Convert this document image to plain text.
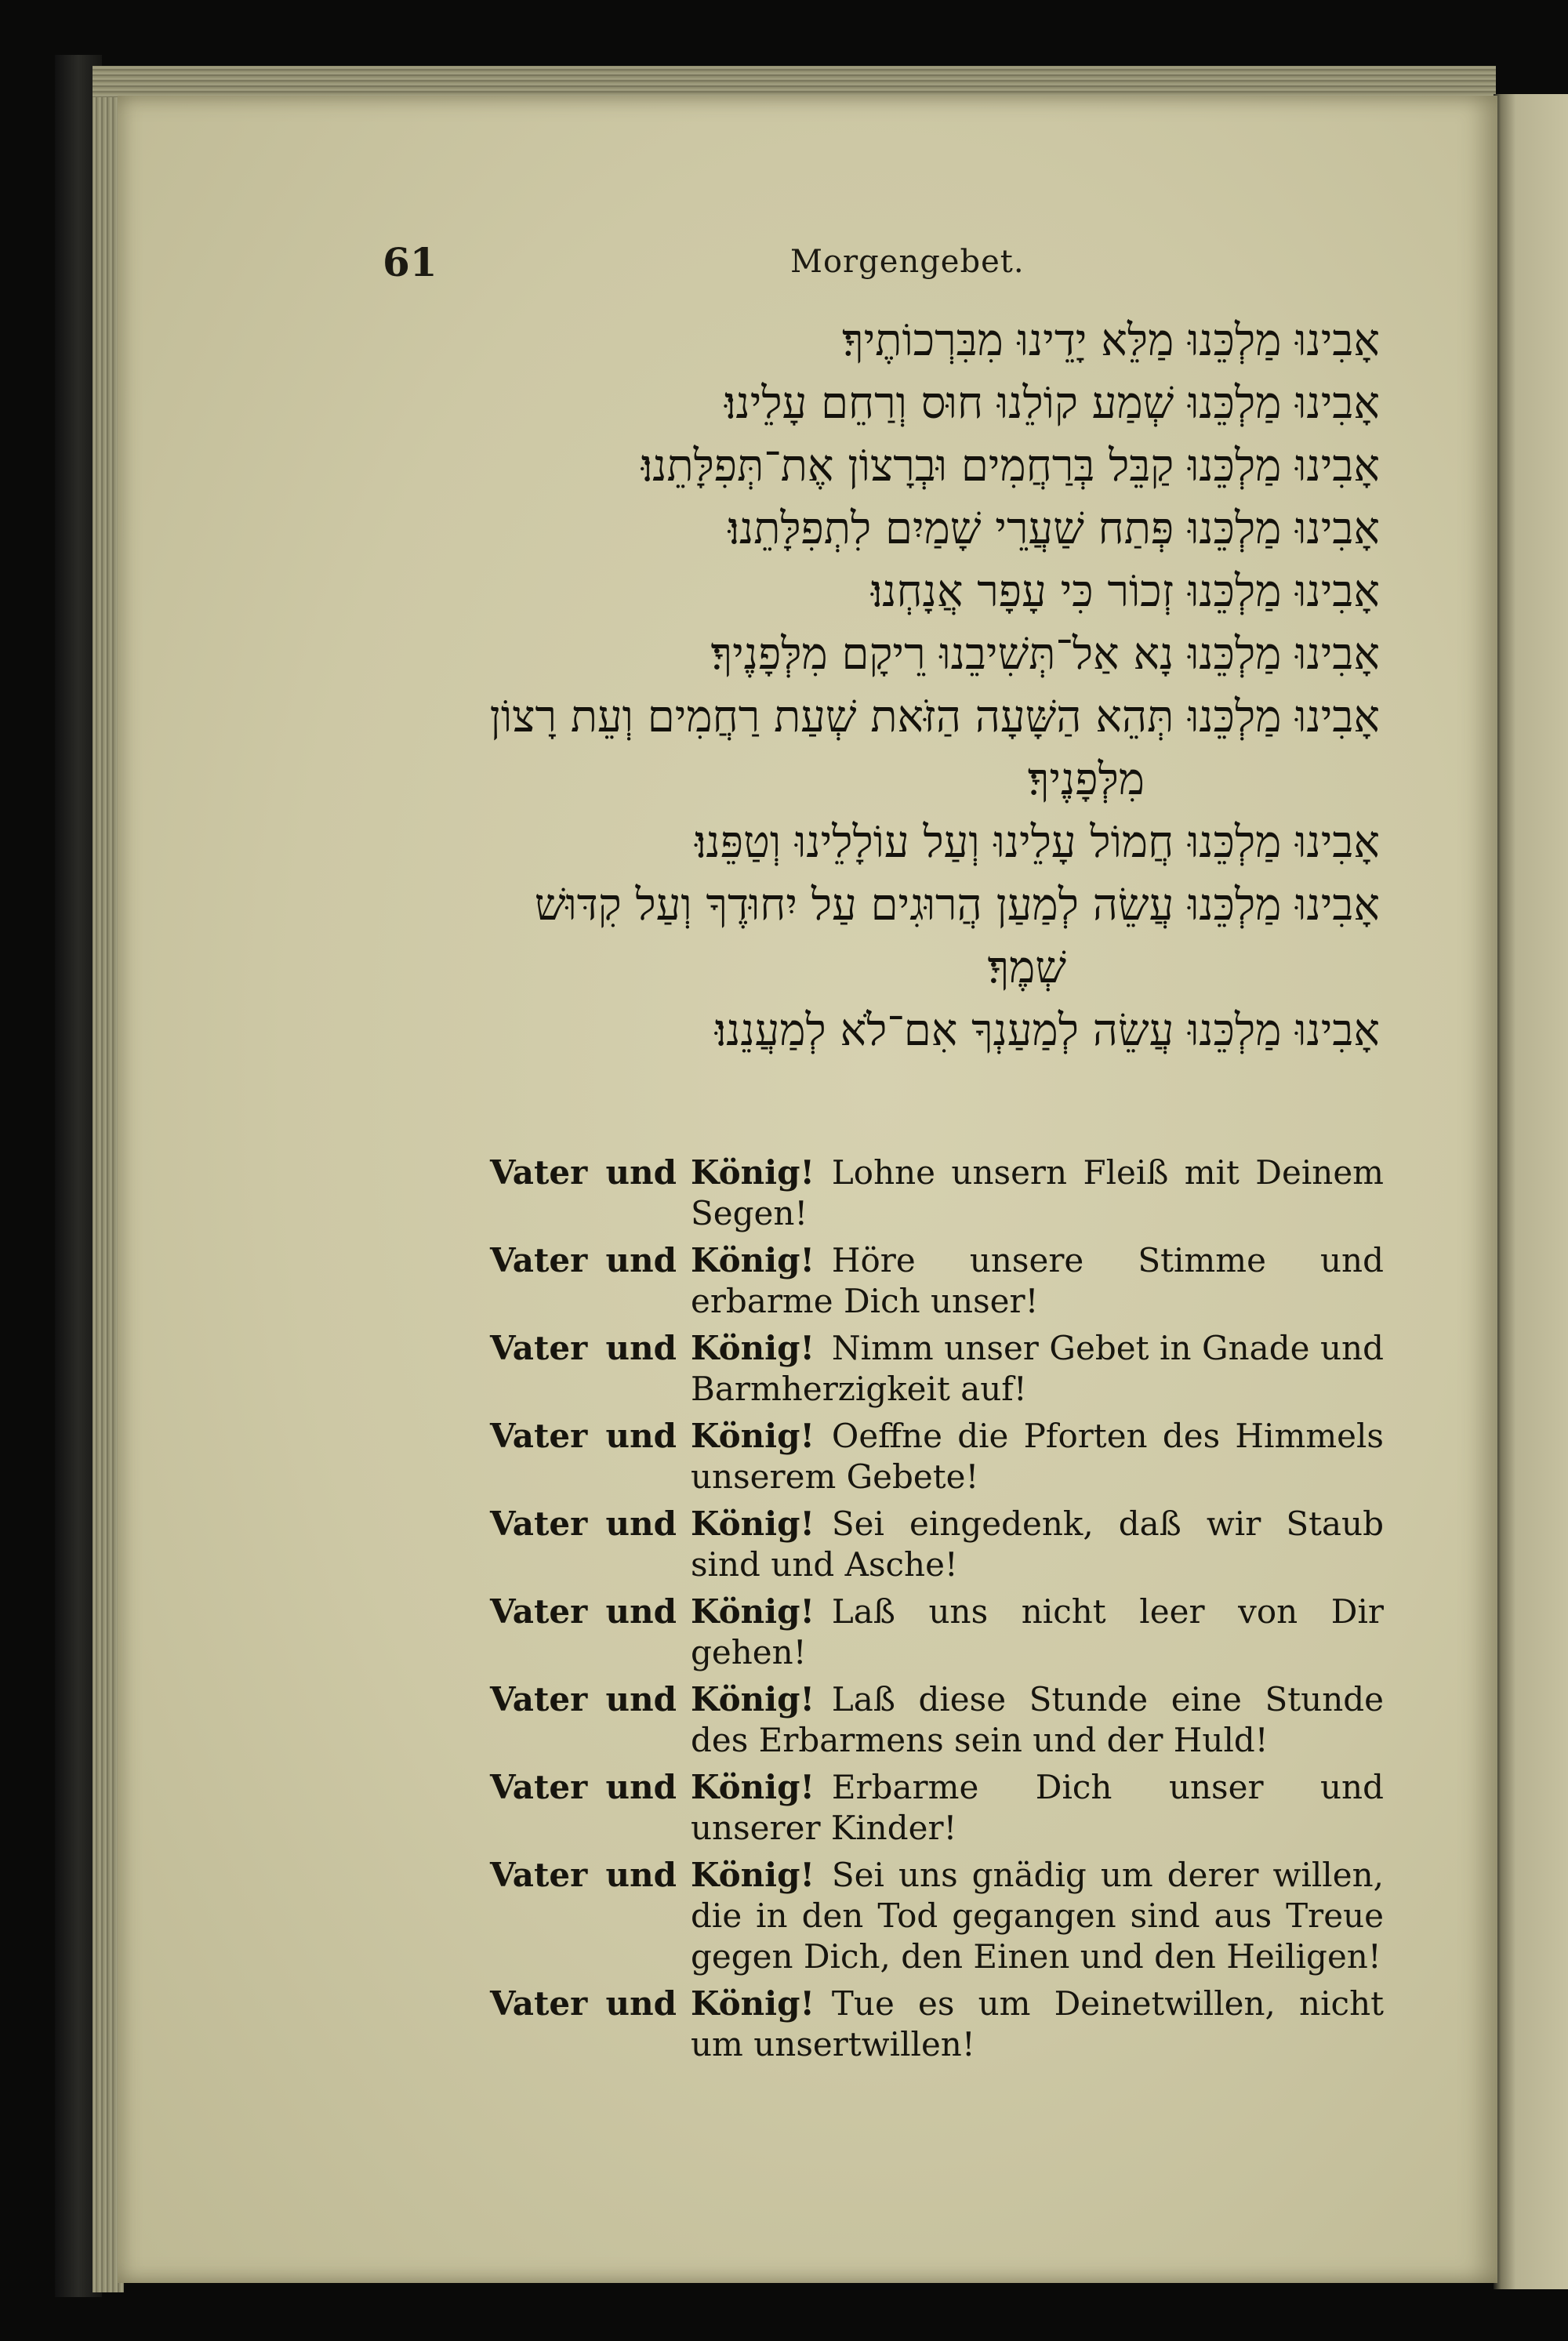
61	Morgengebet.
אָבִינוּ מַלְכֵּנוּ מַלֵּא יָדֵינוּ מִבִּרְכוֹתֶיךָ׃
אָבִינוּ מַלְכֵּנוּ שְׁמַע קוֹלֵנוּ חוּס וְרַחֵם עָלֵינוּ׃
אָבִינוּ מַלְכֵּנוּ קַבֵּל בְּרַחֲמִים וּבְרָצוֹן אֶת־תְּפִלָּתֵנוּ׃
אָבִינוּ מַלְכֵּנוּ פְּתַח שַׁעֲרֵי שָׁמַיִם לִתְפִלָּתֵנוּ׃
אָבִינוּ מַלְכֵּנוּ זְכוֹר כִּי עָפָר אֲנָחְנוּ׃
אָבִינוּ מַלְכֵּנוּ נָא אַל־תְּשִׁיבֵנוּ רֵיקָם מִלְּפָנֶיךָ׃
אָבִינוּ מַלְכֵּנוּ תְּהֵא הַשָּׁעָה הַזֹּאת שְׁעַת רַחֲמִים וְעֵת רָצוֹן
מִלְּפָנֶיךָ׃
אָבִינוּ מַלְכֵּנוּ חֲמוֹל עָלֵינוּ וְעַל עוֹלָלֵינוּ וְטַפֵּנוּ׃
אָבִינוּ מַלְכֵּנוּ עֲשֵׂה לְמַעַן הֲרוּגִים עַל יִחוּדֶךָ וְעַל קִדּוּשׁ
שְׁמֶךָ׃
אָבִינוּ מַלְכֵּנוּ עֲשֵׂה לְמַעַנְךָ אִם־לֹא לְמַעֲנֵנוּ׃
Vater und König! Lohne unsern Fleiß mit Deinem Segen!
Vater und König! Höre unsere Stimme und erbarme Dich unser!
Vater und König! Nimm unser Gebet in Gnade und Barmherzigkeit auf!
Vater und König! Oeffne die Pforten des Himmels unserem Gebete!
Vater und König! Sei eingedenk, daß wir Staub sind und Asche!
Vater und König! Laß uns nicht leer von Dir gehen!
Vater und König! Laß diese Stunde eine Stunde des Erbarmens sein und der Huld!
Vater und König! Erbarme Dich unser und unserer Kinder!
Vater und König! Sei uns gnädig um derer willen, die in den Tod gegangen sind aus Treue gegen Dich, den Einen und den Heiligen!
Vater und König! Tue es um Deinetwillen, nicht um unsertwillen!
